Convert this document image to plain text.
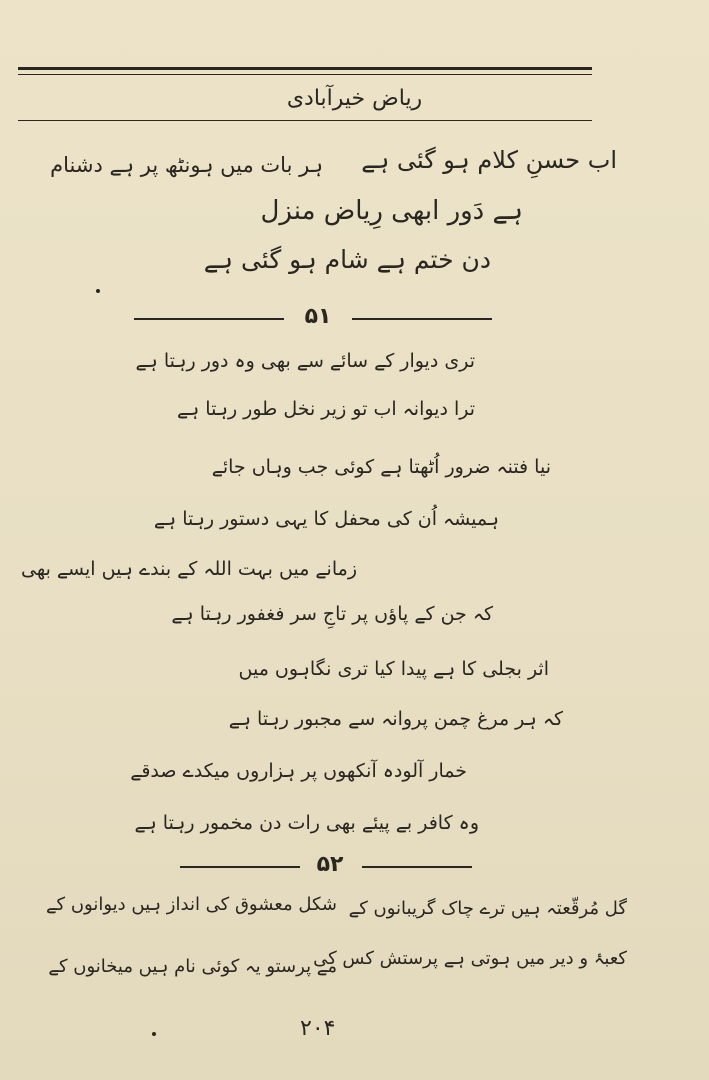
ریاض خیرآبادی
ہر بات میں ہونٹھ پر ہے دشنام اب حسنِ کلام ہو گئی ہے
ہے دَور ابھی رِیاض منزل
دن ختم ہے شام ہو گئی ہے
۵۱
تری دیوار کے سائے سے بھی وہ دور رہتا ہے
ترا دیوانہ اب تو زیر نخل طور رہتا ہے
نیا فتنہ ضرور اُٹھتا ہے کوئی جب وہاں جائے
ہمیشہ اُن کی محفل کا یہی دستور رہتا ہے
زمانے میں بہت اللہ کے بندے ہیں ایسے بھی
کہ جن کے پاؤں پر تاجِ سر فغفور رہتا ہے
اثر بجلی کا ہے پیدا کیا تری نگاہوں میں
کہ ہر مرغ چمن پروانہ سے مجبور رہتا ہے
خمار آلودہ آنکھوں پر ہزاروں میکدے صدقے
وہ کافر بے پیئے بھی رات دن مخمور رہتا ہے
۵۲
گل مُرقّعتہ ہیں ترے چاک گریبانوں کے
شکل معشوق کی انداز ہیں دیوانوں کے
کعبۂ و دیر میں ہوتی ہے پرستش کس کی
مے پرستو یہ کوئی نام ہیں میخانوں کے
۲۰۴
